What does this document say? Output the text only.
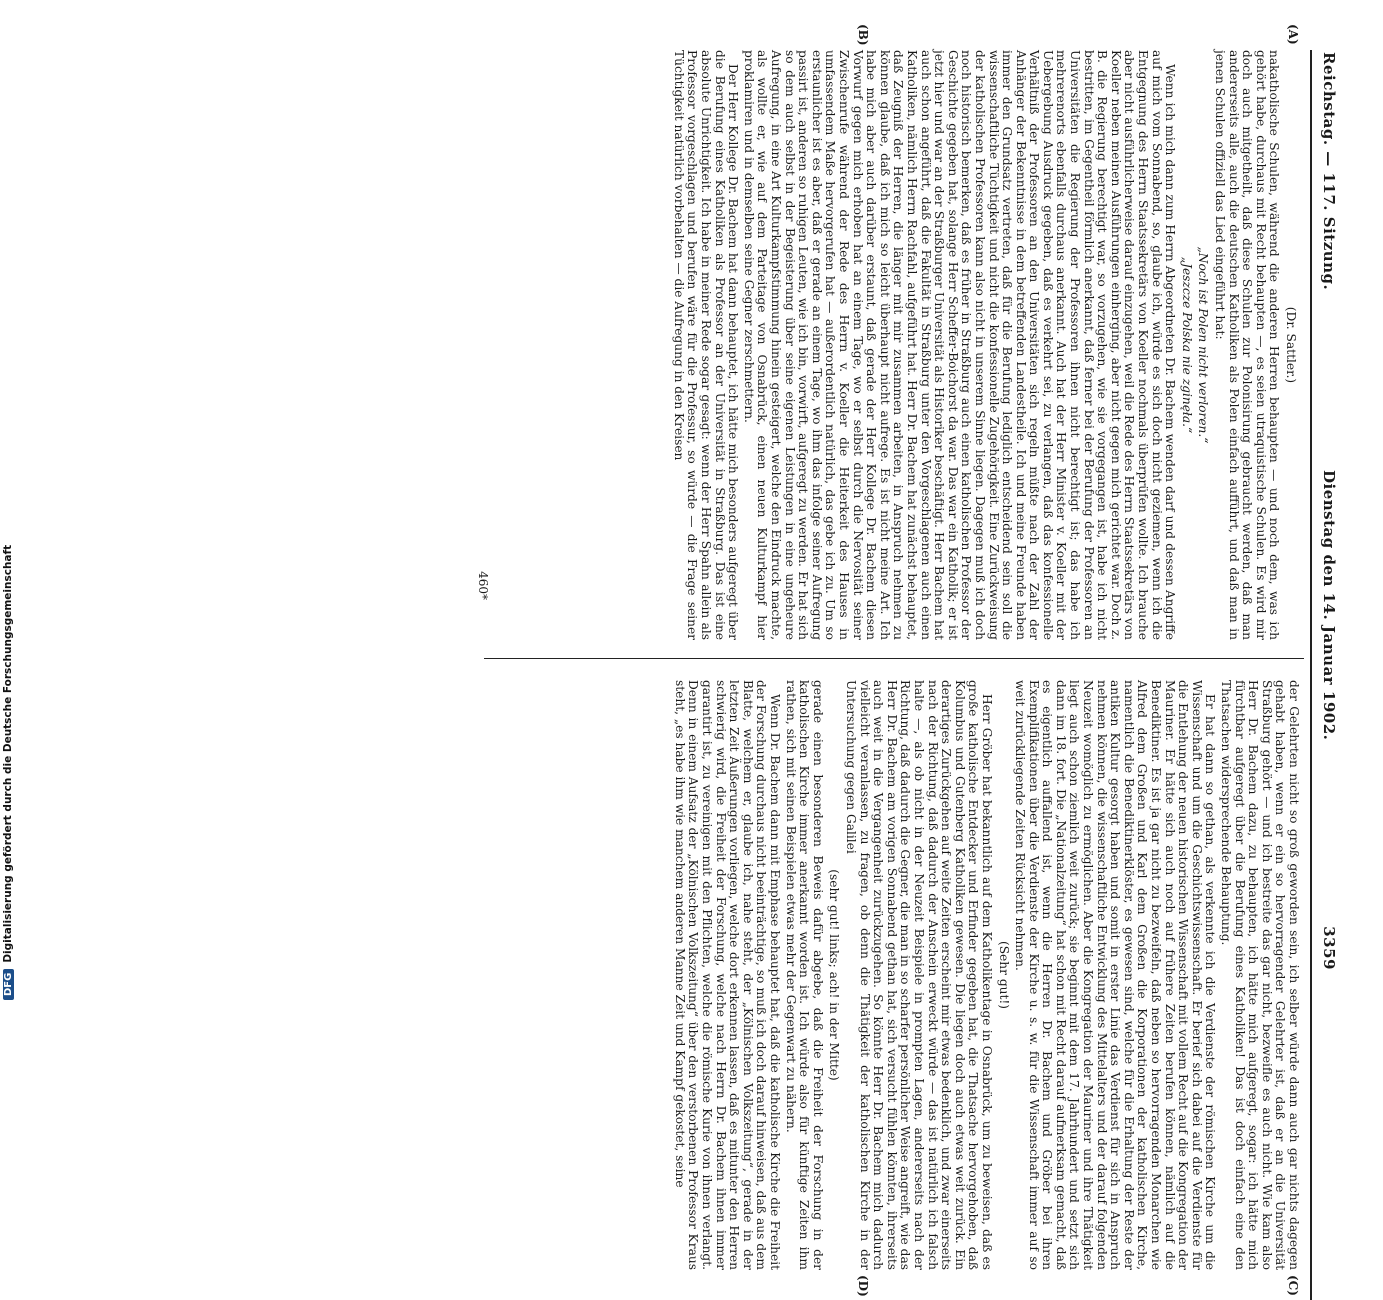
DFGDigitalisierung gefördert durch die Deutsche Forschungsgemeinschaft
Reichstag. — 117. Sitzung.
Dienstag den 14. Januar 1902.
3359
(A)
(B)
(C)
(D)

(Dr. Sattler.)

nakatholische Schulen, während die anderen Herren behaupten — und noch dem, was ich gehört habe, durchaus mit Recht behaupten —, es seien utraquistische Schulen. Es wird mir doch auch mitgetheilt, daß diese Schulen zur Polonisirung gebraucht werden, daß man andererseits alle, auch die deutschen Katholiken als Polen einfach aufführt, und daß man in jenen Schulen offiziell das Lied eingeführt hat:

„Noch ist Polen nicht verloren.“

„Jeszcze Polska nie zginęła.“

Wenn ich mich dann zum Herrn Abgeordneten Dr. Bachem wenden darf und dessen Angriffe auf mich vom Sonnabend, so, glaube ich, würde es sich doch nicht geziemen, wenn ich die Entgegnung des Herrn Staatssekretärs von Koeller nochmals überprüfen wollte. Ich brauche aber nicht ausführlicherweise darauf einzugehen, weil die Rede des Herrn Staatssekretärs von Koeller neben meinen Ausführungen einherging, aber nicht gegen mich gerichtet war. Doch z. B. die Regierung berechtigt war, so vorzugehen, wie sie vorgegangen ist, habe ich nicht bestritten, im Gegentheil förmlich anerkannt, daß ferner bei der Berufung der Professoren an Universitäten die Regierung der Professoren ihnen nicht berechtigt ist; das habe ich mehrerenorts ebenfalls durchaus anerkannt. Auch hat der Herr Minister v. Koeller mit der Uebergebung Ausdruck gegeben, daß es verkehrt sei, zu verlangen, daß das konfessionelle Verhältniß der Professoren an den Universitäten sich regeln müßte nach der Zahl der Anhänger der Bekenntnisse in dem betreffenden Landestheile. Ich und meine Freunde haben immer den Grundsatz vertreten, daß für die Berufung lediglich entscheidend sein soll die wissenschaftliche Tüchtigkeit und nicht die konfessionelle Zugehörigkeit. Eine Zurückweisung der katholischen Professoren kann also nicht in unserem Sinne liegen. Dagegen muß ich doch noch historisch bemerken, daß es früher in Straßburg auch einen katholischen Professor der Geschichte gegeben hat, solange Herr Scheffer-Boichorst da war. Das war ein Katholik; er ist jetzt hier und war an der Straßburger Universität als Historiker beschäftigt. Herr Bachem hat auch schon angeführt, daß die Fakultät in Straßburg unter den Vorgeschlagenen auch einen Katholiken, nämlich Herrn Rachfahl, aufgeführt hat. Herr Dr. Bachem hat zunächst behauptet, daß Zeugniß der Herren, die länger mit mir zusammen arbeiten, in Anspruch nehmen zu können glaube, daß ich mich so leicht überhaupt nicht aufrege. Es ist nicht meine Art. Ich habe mich aber auch darüber erstaunt, daß gerade der Herr Kollege Dr. Bachem diesen Vorwurf gegen mich erhoben hat an einem Tage, wo er selbst durch die Nervosität seiner Zwischenrufe während der Rede des Herrn v. Koeller die Heiterkeit des Hauses in umfassendem Maße hervorgerufen hat — außerordentlich natürlich, das gebe ich zu. Um so erstaunlicher ist es aber, daß er gerade an einem Tage, wo ihm das infolge seiner Aufregung passirt ist, anderen so ruhigen Leuten, wie ich bin, vorwirft, aufgeregt zu werden. Er hat sich so dem auch selbst in der Begeisterung über seine eigenen Leistungen in eine ungeheure Aufregung, in eine Art Kulturkampfstimmung hinein gesteigert, welche den Eindruck machte, als wollte er, wie auf dem Parteitage von Osnabrück, einen neuen Kulturkampf hier proklamiren und in demselben seine Gegner zerschmettern.

Der Herr Kollege Dr. Bachem hat dann behauptet, ich hätte mich besonders aufgeregt über die Berufung eines Katholiken als Professor an der Universität in Straßburg. Das ist eine absolute Unrichtigkeit. Ich habe in meiner Rede sogar gesagt: wenn der Herr Spahn allein als Professor vorgeschlagen und berufen wäre für die Professur, so würde — die Frage seiner Tüchtigkeit natürlich vorbehalten — die Aufregung in den Kreisen

der Gelehrten nicht so groß geworden sein, ich selber würde dann auch gar nichts dagegen gehabt haben, wenn er ein so hervorragender Gelehrter ist, daß er an die Universität Straßburg gehört — und ich bestreite das gar nicht, bezweifle es auch nicht. Wie kam also Herr Dr. Bachem dazu, zu behaupten, ich hätte mich aufgeregt, sogar: ich hätte mich fürchtbar aufgeregt über die Berufung eines Katholiken! Das ist doch einfach eine den Thatsachen widersprechende Behauptung.

Er hat dann so gethan, als verkennte ich die Verdienste der römischen Kirche um die Wissenschaft und um die Geschichtswissenschaft. Er berief sich dabei auf die Verdienste für die Entlehung der neuen historischen Wissenschaft mit vollem Recht auf die Kongregation der Mauriner. Er hätte sich auch noch auf frühere Zeiten berufen können, nämlich auf die Benediktiner. Es ist ja gar nicht zu bezweifeln, daß neben so hervorragenden Monarchen wie Alfred dem Großen und Karl dem Großen die Korporationen der katholischen Kirche, namentlich die Benediktinerklöster, es gewesen sind, welche für die Erhaltung der Reste der antiken Kultur gesorgt haben und somit in erster Linie das Verdienst für sich in Anspruch nehmen können, die wissenschaftliche Entwicklung des Mittelalters und der darauf folgenden Neuzeit womöglich zu ermöglichen. Aber die Kongregation der Mauriner und ihre Thätigkeit liegt auch schon ziemlich weit zurück; sie beginnt mit dem 17. Jahrhundert und setzt sich dann im 18. fort. Die „Nationalzeitung“ hat schon mit Recht darauf aufmerksam gemacht, daß es eigentlich auffallend ist, wenn die Herren Dr. Bachem und Gröber bei ihren Exemplifikationen über die Verdienste der Kirche u. s. w. für die Wissenschaft immer auf so weit zurückliegende Zeiten Rücksicht nehmen.

(Sehr gut!)

Herr Gröber hat bekanntlich auf dem Katholikentage in Osnabrück, um zu beweisen, daß es große katholische Entdecker und Erfinder gegeben hat, die Thatsache hervorgehoben, daß Kolumbus und Gutenberg Katholiken gewesen. Die liegen doch auch etwas weit zurück. Ein derartiges Zurückgehen auf weite Zeiten erscheint mir etwas bedenklich, und zwar einerseits nach der Richtung, daß dadurch der Anschein erweckt würde — das ist natürlich ich falsch halte —, als ob nicht in der Neuzeit Beispiele in prompten Lagen, andererseits nach der Richtung, daß dadurch die Gegner, die man in so scharfer persönlicher Weise angreift, wie das Herr Dr. Bachem am vorigen Sonnabend gethan hat, sich versucht fühlen könnten, ihrerseits auch weit in die Vergangenheit zurückzugehen. So könnte Herr Dr. Bachem mich dadurch vielleicht veranlassen, zu fragen, ob denn die Thätigkeit der katholischen Kirche in der Untersuchung gegen Galilei

(sehr gut! links; ach! in der Mitte)

gerade einen besonderen Beweis dafür abgebe, daß die Freiheit der Forschung in der katholischen Kirche immer anerkannt worden ist. Ich würde also für künftige Zeiten ihm rathen, sich mit seinen Beispielen etwas mehr der Gegenwart zu nähern.

Wenn Dr. Bachem dann mit Emphase behauptet hat, daß die katholische Kirche die Freiheit der Forschung durchaus nicht beeinträchtige, so muß ich doch darauf hinweisen, daß aus dem Blatte, welchem er, glaube ich, nahe steht, der „Kölnischen Volkszeitung“, gerade in der letzten Zeit Äußerungen vorliegen, welche dort erkennen lassen, daß es mitunter den Herren schwierig wird, die Freiheit der Forschung, welche nach Herrn Dr. Bachem ihnen immer garantirt ist, zu vereinigen mit den Pflichten, welche die römische Kurie von ihnen verlangt. Denn in einem Aufsatz der „Kölnischen Volkszeitung“ über den verstorbenen Professor Kraus steht, „es habe ihm wie manchem anderen Manne Zeit und Kampf gekostet, seine

460*
